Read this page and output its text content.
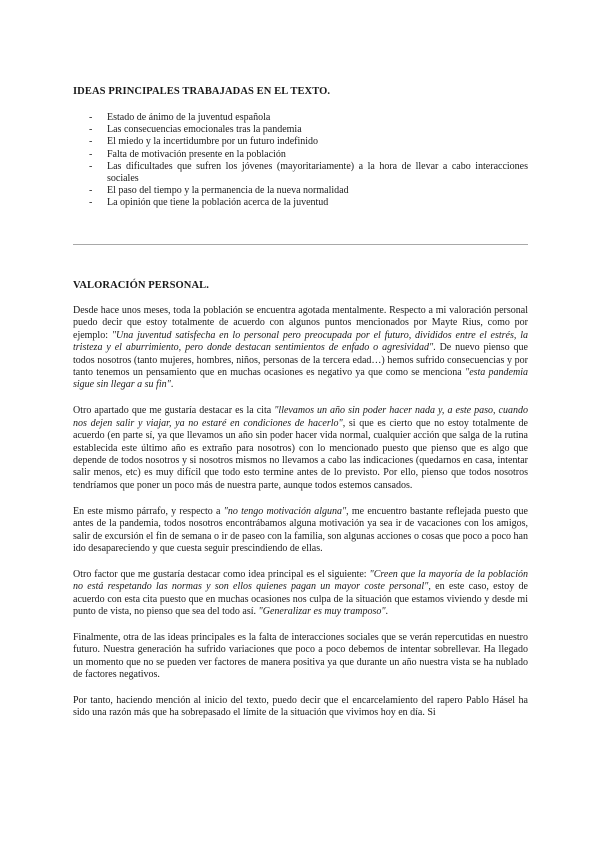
IDEAS PRINCIPALES TRABAJADAS EN EL TEXTO.
- Estado de ánimo de la juventud española
- Las consecuencias emocionales tras la pandemia
- El miedo y la incertidumbre por un futuro indefinido
- Falta de motivación presente en la población
- Las dificultades que sufren los jóvenes (mayoritariamente) a la hora de llevar a cabo interacciones sociales
- El paso del tiempo y la permanencia de la nueva normalidad
- La opinión que tiene la población acerca de la juventud
VALORACIÓN PERSONAL.

Desde hace unos meses, toda la población se encuentra agotada mentalmente. Respecto a mi valoración personal puedo decir que estoy totalmente de acuerdo con algunos puntos mencionados por Mayte Rius, como por ejemplo: "Una juventud satisfecha en lo personal pero preocupada por el futuro, divididos entre el estrés, la tristeza y el aburrimiento, pero donde destacan sentimientos de enfado o agresividad". De nuevo pienso que todos nosotros (tanto mujeres, hombres, niños, personas de la tercera edad…) hemos sufrido consecuencias y por tanto tenemos un pensamiento que en muchas ocasiones es negativo ya que como se menciona "esta pandemia sigue sin llegar a su fin".

Otro apartado que me gustaría destacar es la cita "llevamos un año sin poder hacer nada y, a este paso, cuando nos dejen salir y viajar, ya no estaré en condiciones de hacerlo", si que es cierto que no estoy totalmente de acuerdo (en parte sí, ya que llevamos un año sin poder hacer vida normal, cualquier acción que salga de la rutina establecida este último año es extraño para nosotros) con lo mencionado puesto que pienso que es algo que depende de todos nosotros y si nosotros mismos no llevamos a cabo las indicaciones (quedarnos en casa, intentar salir menos, etc) es muy difícil que todo esto termine antes de lo previsto. Por ello, pienso que todos nosotros tendríamos que poner un poco más de nuestra parte, aunque todos estemos cansados.

En este mismo párrafo, y respecto a "no tengo motivación alguna", me encuentro bastante reflejada puesto que antes de la pandemia, todos nosotros encontrábamos alguna motivación ya sea ir de vacaciones con los amigos, salir de excursión el fin de semana o ir de paseo con la familia, son algunas acciones o cosas que poco a poco han ido desapareciendo y que cuesta seguir prescindiendo de ellas.

Otro factor que me gustaría destacar como idea principal es el siguiente: "Creen que la mayoría de la población no está respetando las normas y son ellos quienes pagan un mayor coste personal", en este caso, estoy de acuerdo con esta cita puesto que en muchas ocasiones nos culpa de la situación que estamos viviendo y desde mi punto de vista, no pienso que sea del todo así. "Generalizar es muy tramposo".

Finalmente, otra de las ideas principales es la falta de interacciones sociales que se verán repercutidas en nuestro futuro. Nuestra generación ha sufrido variaciones que poco a poco debemos de intentar sobrellevar. Ha llegado un momento que no se pueden ver factores de manera positiva ya que durante un año nuestra vista se ha nublado de factores negativos.

Por tanto, haciendo mención al inicio del texto, puedo decir que el encarcelamiento del rapero Pablo Hásel ha sido una razón más que ha sobrepasado el límite de la situación que vivimos hoy en día. Si
